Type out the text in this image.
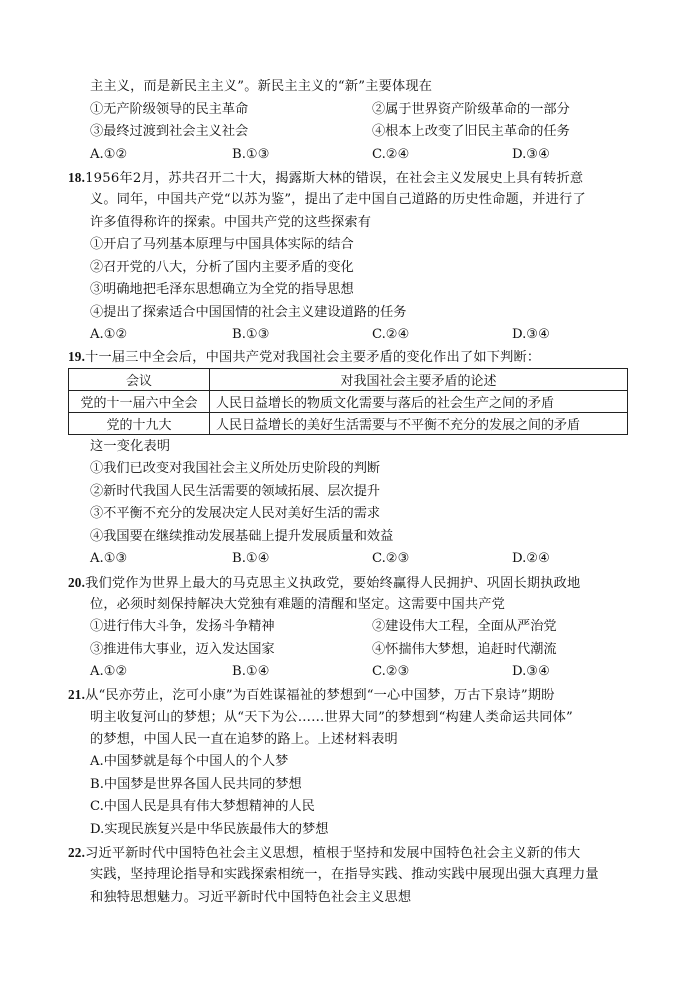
主主义，而是新民主主义”。新民主主义的“新”主要体现在
①无产阶级领导的民主革命	②属于世界资产阶级革命的一部分
③最终过渡到社会主义社会	④根本上改变了旧民主革命的任务
A.①②	B.①③	C.②④	D.③④
18.1956年2月，苏共召开二十大，揭露斯大林的错误，在社会主义发展史上具有转折意
义。同年，中国共产党“以苏为鉴”，提出了走中国自己道路的历史性命题，并进行了
许多值得称许的探索。中国共产党的这些探索有
①开启了马列基本原理与中国具体实际的结合
②召开党的八大，分析了国内主要矛盾的变化
③明确地把毛泽东思想确立为全党的指导思想
④提出了探索适合中国国情的社会主义建设道路的任务
A.①②	B.①③	C.②④	D.③④
19.十一届三中全会后，中国共产党对我国社会主要矛盾的变化作出了如下判断：
会议	对我国社会主要矛盾的论述
党的十一届六中全会	人民日益增长的物质文化需要与落后的社会生产之间的矛盾
党的十九大	人民日益增长的美好生活需要与不平衡不充分的发展之间的矛盾
这一变化表明
①我们已改变对我国社会主义所处历史阶段的判断
②新时代我国人民生活需要的领域拓展、层次提升
③不平衡不充分的发展决定人民对美好生活的需求
④我国要在继续推动发展基础上提升发展质量和效益
A.①③	B.①④	C.②③	D.②④
20.我们党作为世界上最大的马克思主义执政党，要始终赢得人民拥护、巩固长期执政地
位，必须时刻保持解决大党独有难题的清醒和坚定。这需要中国共产党
①进行伟大斗争，发扬斗争精神	②建设伟大工程，全面从严治党
③推进伟大事业，迈入发达国家	④怀揣伟大梦想，追赶时代潮流
A.①②	B.①④	C.②③	D.③④
21.从“民亦劳止，汔可小康”为百姓谋福祉的梦想到“一心中国梦，万古下泉诗”期盼
明主收复河山的梦想；从“天下为公……世界大同”的梦想到“构建人类命运共同体”
的梦想，中国人民一直在追梦的路上。上述材料表明
A.中国梦就是每个中国人的个人梦
B.中国梦是世界各国人民共同的梦想
C.中国人民是具有伟大梦想精神的人民
D.实现民族复兴是中华民族最伟大的梦想
22.习近平新时代中国特色社会主义思想，植根于坚持和发展中国特色社会主义新的伟大
实践，坚持理论指导和实践探索相统一，在指导实践、推动实践中展现出强大真理力量
和独特思想魅力。习近平新时代中国特色社会主义思想
